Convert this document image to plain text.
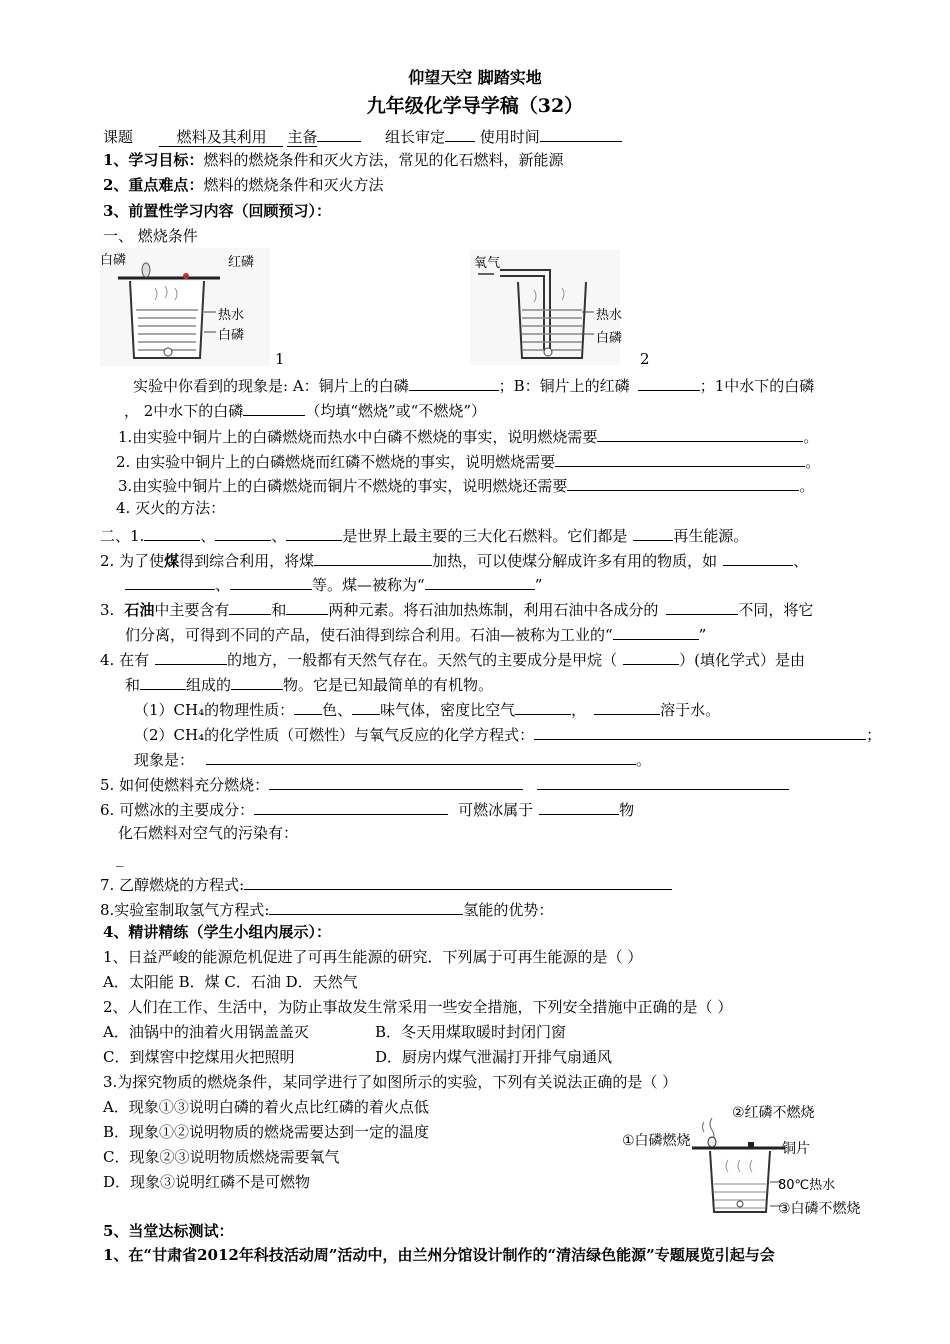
仰望天空 脚踏实地
九年级化学导学稿（32）
课题	燃料及其利用 主备	组长审定 使用时间
1、学习目标：燃料的燃烧条件和灭火方法，常见的化石燃料，新能源
2、重点难点：燃料的燃烧条件和灭火方法
3、前置性学习内容（回顾预习）：
一、 燃烧条件
白磷	红磷
热水
白磷
1
氧气
热水
白磷
2
实验中你看到的现象是: A：铜片上的白磷	；B：铜片上的红磷	；1中水下的白磷
， 2中水下的白磷	（均填“燃烧”或“不燃烧”）
1.由实验中铜片上的白磷燃烧而热水中白磷不燃烧的事实，说明燃烧需要	。
2. 由实验中铜片上的白磷燃烧而红磷不燃烧的事实，说明燃烧需要	。
3.由实验中铜片上的白磷燃烧而铜片不燃烧的事实，说明燃烧还需要	。
4. 灭火的方法：
二、1.	、	、	是世界上最主要的三大化石燃料。它们都是	再生能源。
2. 为了使煤得到综合利用，将煤	加热，可以使煤分解成许多有用的物质，如	、
、	等。煤—被称为“	”
3. 石油中主要含有	和	两种元素。将石油加热炼制，利用石油中各成分的	不同，将它
们分离，可得到不同的产品，使石油得到综合利用。石油—被称为工业的“	”
4. 在有	的地方，一般都有天然气存在。天然气的主要成分是甲烷（	）(填化学式）是由
和	组成的	物。它是已知最简单的有机物。
（1）CH₄的物理性质： 色、 味气体，密度比空气	，	溶于水。
（2）CH₄的化学性质（可燃性）与氧气反应的化学方程式：	；
现象是：	。
5. 如何使燃料充分燃烧：
6. 可燃冰的主要成分：	可燃冰属于	物
化石燃料对空气的污染有：
_
7. 乙醇燃烧的方程式:
8.实验室制取氢气方程式:	氢能的优势：
4、精讲精练（学生小组内展示）：
1、日益严峻的能源危机促进了可再生能源的研究．下列属于可再生能源的是（ ）
A．太阳能 B．煤 C．石油 D．天然气
2、人们在工作、生活中，为防止事故发生常采用一些安全措施，下列安全措施中正确的是（ ）
A．油锅中的油着火用锅盖盖灭	B．冬天用煤取暖时封闭门窗
C．到煤窖中挖煤用火把照明	D．厨房内煤气泄漏打开排气扇通风
3.为探究物质的燃烧条件，某同学进行了如图所示的实验，下列有关说法正确的是（ ）
A．现象①③说明白磷的着火点比红磷的着火点低
B．现象①②说明物质的燃烧需要达到一定的温度
C．现象②③说明物质燃烧需要氧气
D．现象③说明红磷不是可燃物
②红磷不燃烧
①白磷燃烧	铜片
80℃热水
③白磷不燃烧
5、当堂达标测试：
1、在“甘肃省2012年科技活动周”活动中，由兰州分馆设计制作的“清洁绿色能源”专题展览引起与会
